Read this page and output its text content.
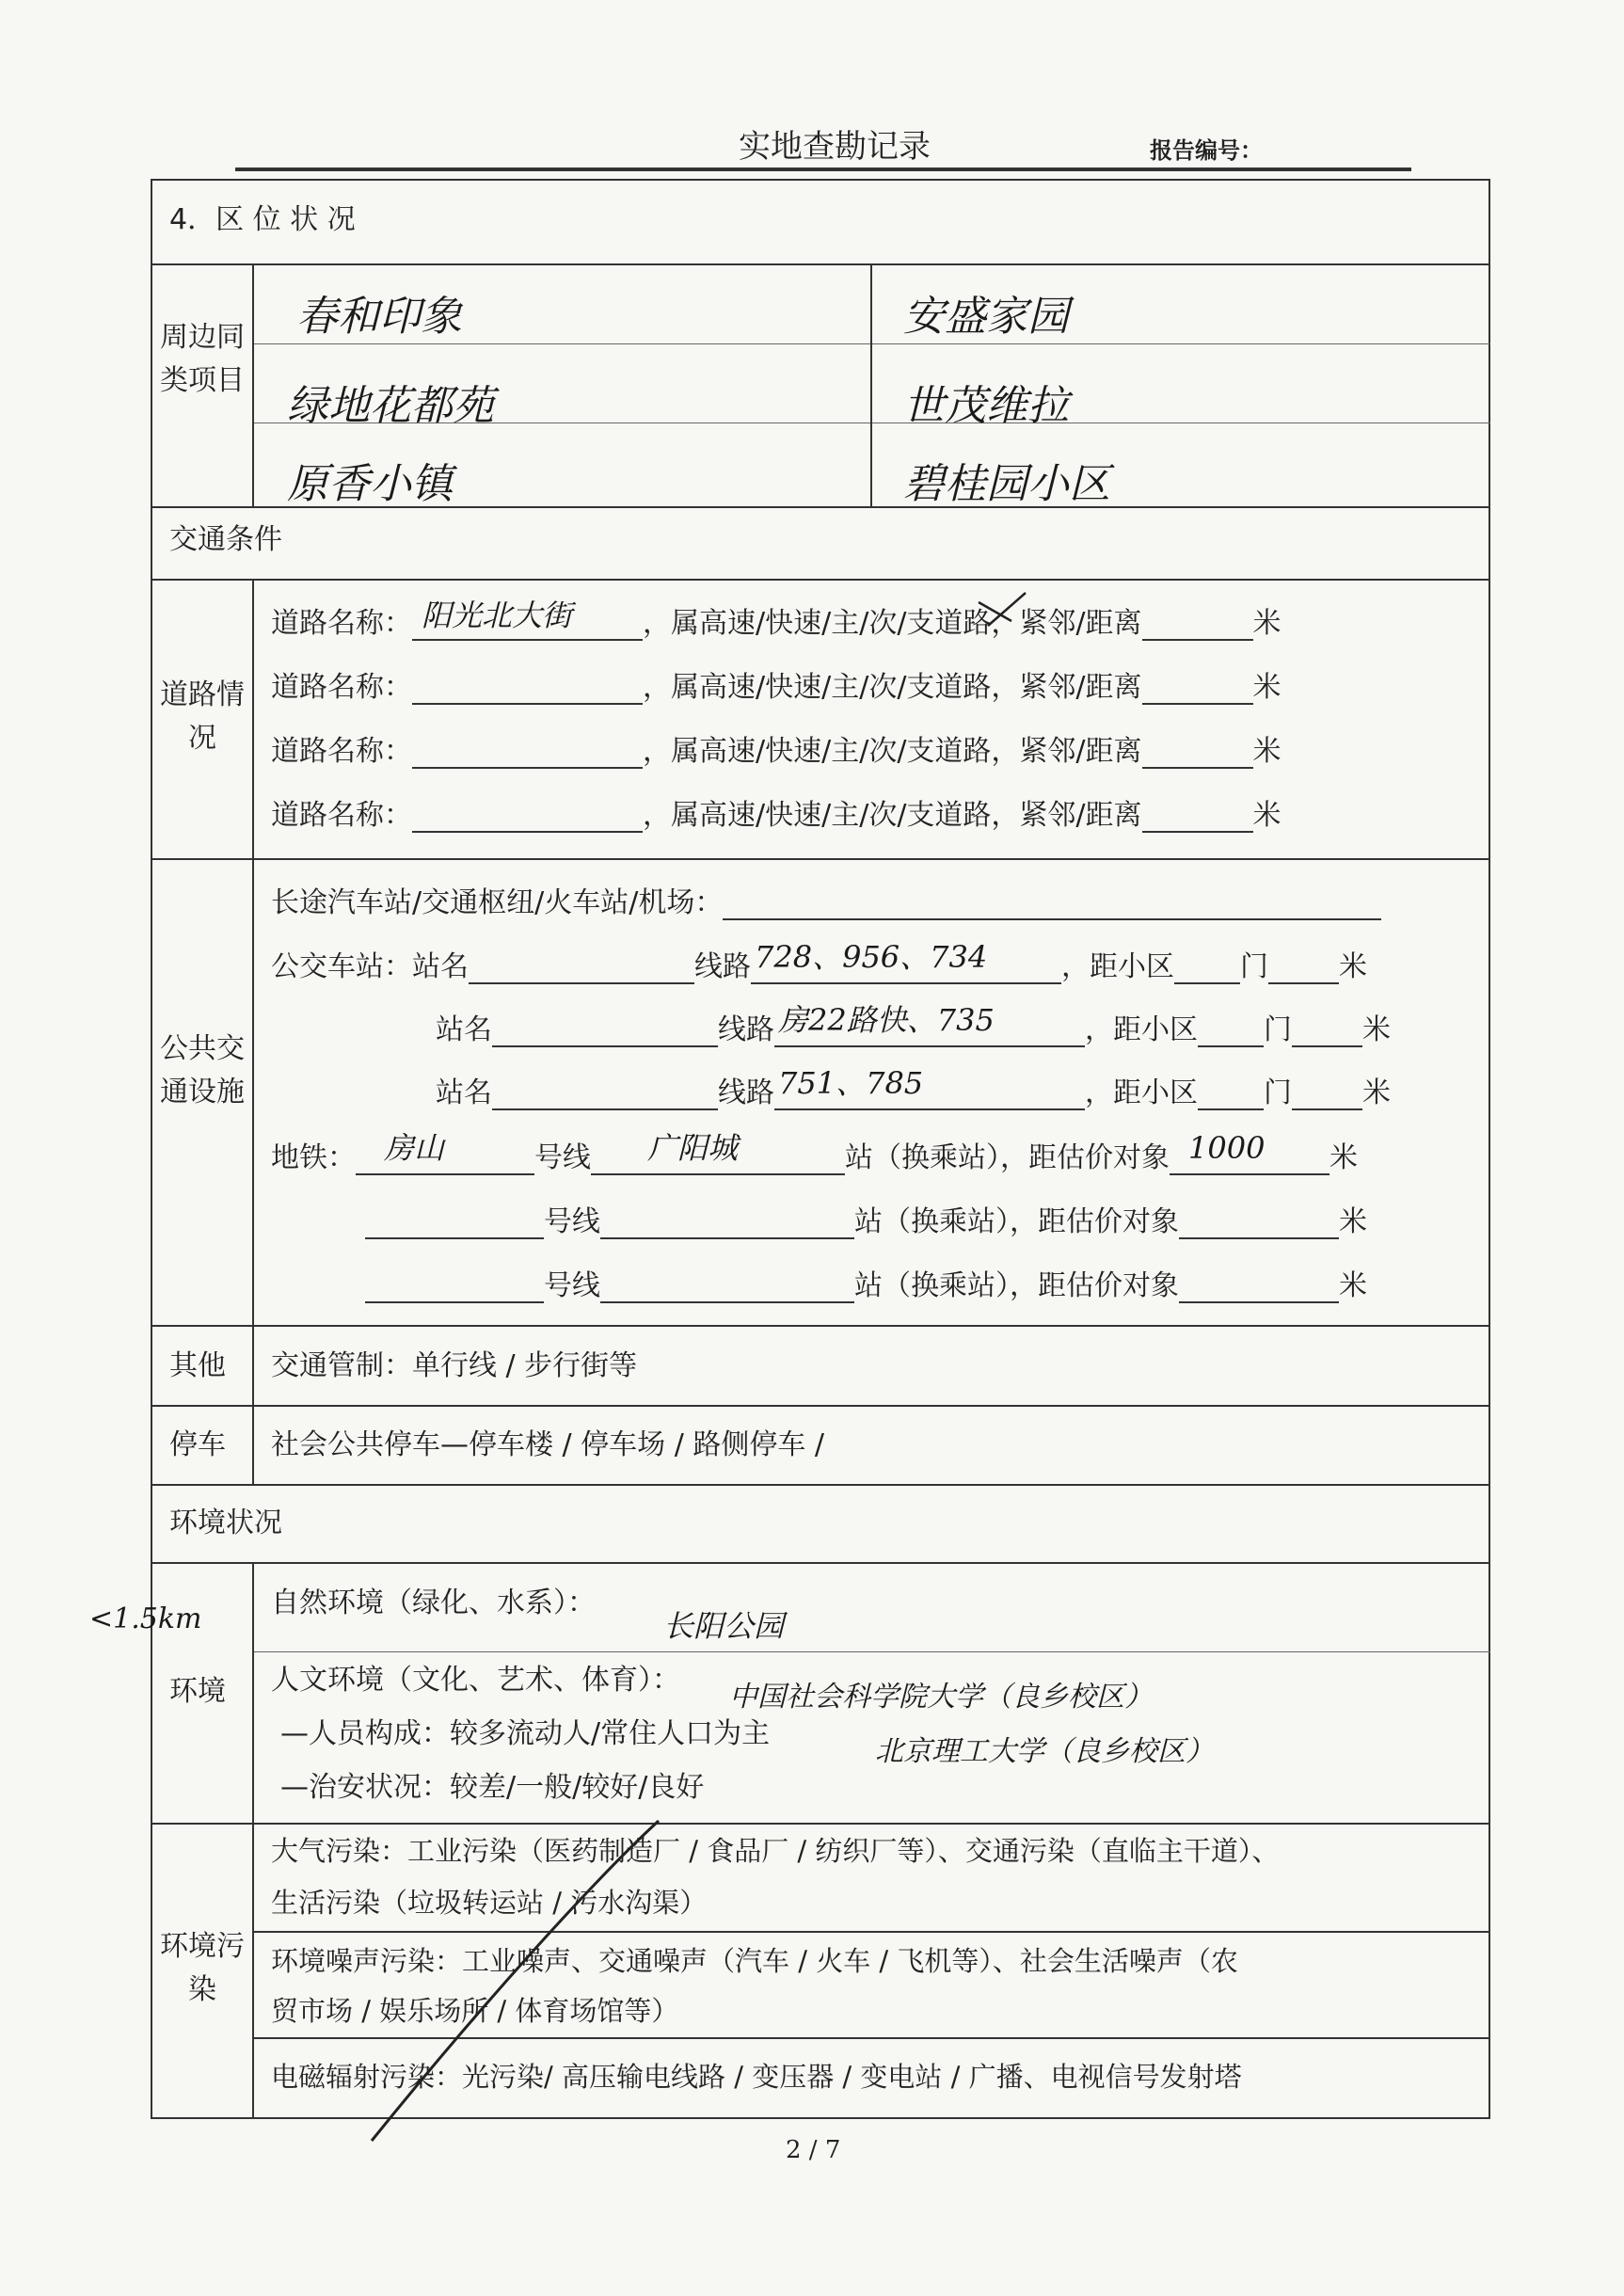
实地查勘记录	报告编号：
4．区 位 状 况
周边同类项目
春和印象	安盛家园
绿地花都苑	世茂维拉
原香小镇	碧桂园小区
交通条件
道路情况
道路名称： 阳光北大街 ，属高速/快速/主/次/支道路，紧邻/距离	米
道路名称：	，属高速/快速/主/次/支道路，紧邻/距离	米
道路名称：	，属高速/快速/主/次/支道路，紧邻/距离	米
道路名称：	，属高速/快速/主/次/支道路，紧邻/距离	米
公共交通设施
长途汽车站/交通枢纽/火车站/机场：
公交车站：站名	线路 728、956、734	，距小区 门	米
站名	线路 房22路快、735	，距小区 门	米
站名	线路 751、785	，距小区 门	米
地铁： 房山	号线 广阳城	站（换乘站），距估价对象 1000 米
号线	站（换乘站），距估价对象	米
号线	站（换乘站），距估价对象	米
其他 交通管制：单行线 / 步行街等
停车 社会公共停车—停车楼 / 停车场 / 路侧停车 /
环境状况
环境
<1.5km 自然环境（绿化、水系）：
长阳公园
人文环境（文化、艺术、体育）：
中国社会科学院大学（良乡校区）
—人员构成：较多流动人/常住人口为主
北京理工大学（良乡校区）
—治安状况：较差/一般/较好/良好
环境污染
大气污染：工业污染（医药制造厂 / 食品厂 / 纺织厂等）、交通污染（直临主干道）、
生活污染（垃圾转运站 / 污水沟渠）
环境噪声污染：工业噪声、交通噪声（汽车 / 火车 / 飞机等）、社会生活噪声（农
贸市场 / 娱乐场所 / 体育场馆等）
电磁辐射污染：光污染/ 高压输电线路 / 变压器 / 变电站 / 广播、电视信号发射塔
2 / 7
